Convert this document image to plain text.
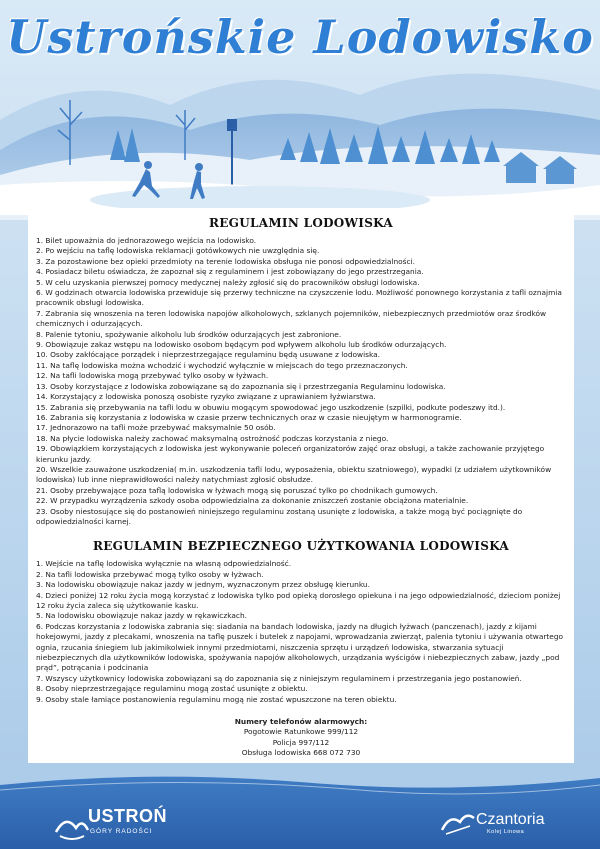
Ustrońskie Lodowisko
REGULAMIN LODOWISKA
1. Bilet upoważnia do jednorazowego wejścia na lodowisko.
2. Po wejściu na taflę lodowiska reklamacji gotówkowych nie uwzględnia się.
3. Za pozostawione bez opieki przedmioty na terenie lodowiska obsługa nie ponosi odpowiedzialności.
4. Posiadacz biletu oświadcza, że zapoznał się z regulaminem i jest zobowiązany do jego przestrzegania.
5. W celu uzyskania pierwszej pomocy medycznej należy zgłosić się do pracowników obsługi lodowiska.
6. W godzinach otwarcia lodowiska przewiduje się przerwy techniczne na czyszczenie lodu. Możliwość ponownego korzystania z tafli oznajmia pracownik obsługi lodowiska.
7. Zabrania się wnoszenia na teren lodowiska napojów alkoholowych, szklanych pojemników, niebezpiecznych przedmiotów oraz środków chemicznych i odurzających.
8. Palenie tytoniu, spożywanie alkoholu lub środków odurzających jest zabronione.
9. Obowiązuje zakaz wstępu na lodowisko osobom będącym pod wpływem alkoholu lub środków odurzających.
10. Osoby zakłócające porządek i nieprzestrzegające regulaminu będą usuwane z lodowiska.
11. Na taflę lodowiska można wchodzić i wychodzić wyłącznie w miejscach do tego przeznaczonych.
12. Na tafli lodowiska mogą przebywać tylko osoby w łyżwach.
13. Osoby korzystające z lodowiska zobowiązane są do zapoznania się i przestrzegania Regulaminu lodowiska.
14. Korzystający z lodowiska ponoszą osobiste ryzyko związane z uprawianiem łyżwiarstwa.
15. Zabrania się przebywania na tafli lodu w obuwiu mogącym spowodować jego uszkodzenie (szpilki, podkute podeszwy itd.).
16. Zabrania się korzystania z lodowiska w czasie przerw technicznych oraz w czasie nieujętym w harmonogramie.
17. Jednorazowo na tafli może przebywać maksymalnie 50 osób.
18. Na płycie lodowiska należy zachować maksymalną ostrożność podczas korzystania z niego.
19. Obowiązkiem korzystających z lodowiska jest wykonywanie poleceń organizatorów zajęć oraz obsługi, a także zachowanie przyjętego kierunku jazdy.
20. Wszelkie zauważone uszkodzenia( m.in. uszkodzenia tafli lodu, wyposażenia, obiektu szatniowego), wypadki (z udziałem użytkowników lodowiska) lub inne nieprawidłowości należy natychmiast zgłosić obsłudze.
21. Osoby przebywające poza taflą lodowiska w łyżwach mogą się poruszać tylko po chodnikach gumowych.
22. W przypadku wyrządzenia szkody osoba odpowiedzialna za dokonanie zniszczeń zostanie obciążona materialnie.
23. Osoby niestosujące się do postanowień niniejszego regulaminu zostaną usunięte z lodowiska, a także mogą być pociągnięte do odpowiedzialności karnej.
REGULAMIN BEZPIECZNEGO UŻYTKOWANIA LODOWISKA
1. Wejście na taflę lodowiska wyłącznie na własną odpowiedzialność.
2. Na tafli lodowiska przebywać mogą tylko osoby w łyżwach.
3. Na lodowisku obowiązuje nakaz jazdy w jednym, wyznaczonym przez obsługę kierunku.
4. Dzieci poniżej 12 roku życia mogą korzystać z lodowiska tylko pod opieką dorosłego opiekuna i na jego odpowiedzialność, dzieciom poniżej 12 roku życia zaleca się użytkowanie kasku.
5. Na lodowisku obowiązuje nakaz jazdy w rękawiczkach.
6. Podczas korzystania z lodowiska zabrania się: siadania na bandach lodowiska, jazdy na długich łyżwach (panczenach), jazdy z kijami hokejowymi, jazdy z plecakami, wnoszenia na taflę puszek i butelek z napojami, wprowadzania zwierząt, palenia tytoniu i używania otwartego ognia, rzucania śniegiem lub jakimikolwiek innymi przedmiotami, niszczenia sprzętu i urządzeń lodowiska, stwarzania sytuacji niebezpiecznych dla użytkowników lodowiska, spożywania napojów alkoholowych, urządzania wyścigów i niebezpiecznych zabaw, jazdy „pod prąd”, potrącania i podcinania
7. Wszyscy użytkownicy lodowiska zobowiązani są do zapoznania się z niniejszym regulaminem i przestrzegania jego postanowień.
8. Osoby nieprzestrzegające regulaminu mogą zostać usunięte z obiektu.
9. Osoby stale łamiące postanowienia regulaminu mogą nie zostać wpuszczone na teren obiektu.
Numery telefonów alarmowych:
Pogotowie Ratunkowe 999/112
Policja 997/112
Obsługa lodowiska 668 072 730
USTROŃ
GÓRY RADOŚCI
Czantoria
Kolej Linowa
